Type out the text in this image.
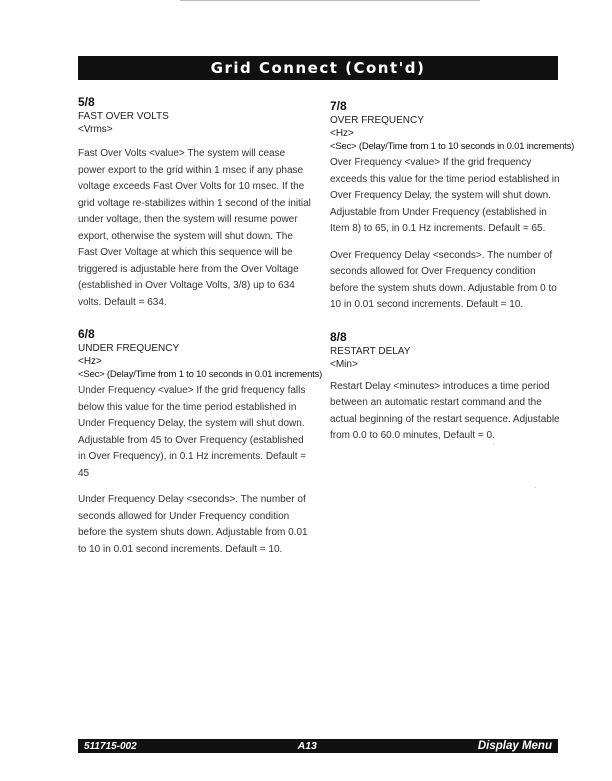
Grid Connect (Cont'd)
5/8
FAST OVER VOLTS
<Vrms>

Fast Over Volts <value> The system will cease power export to the grid within 1 msec if any phase voltage exceeds Fast Over Volts for 10 msec. If the grid voltage re-stabilizes within 1 second of the initial under voltage, then the system will resume power export, otherwise the system will shut down. The Fast Over Voltage at which this sequence will be triggered is adjustable here from the Over Voltage (established in Over Voltage Volts, 3/8) up to 634 volts. Default = 634.

6/8
UNDER FREQUENCY
<Hz>
<Sec> (Delay/Time from 1 to 10 seconds in 0.01 increments)

Under Frequency <value> If the grid frequency falls below this value for the time period established in Under Frequency Delay, the system will shut down. Adjustable from 45 to Over Frequency (established in Over Frequency), in 0.1 Hz increments. Default = 45

Under Frequency Delay <seconds>. The number of seconds allowed for Under Frequency condition before the system shuts down. Adjustable from 0.01 to 10 in 0.01 second increments. Default = 10.

7/8
OVER FREQUENCY
<Hz>
<Sec> (Delay/Time from 1 to 10 seconds in 0.01 increments)

Over Frequency <value> If the grid frequency exceeds this value for the time period established in Over Frequency Delay, the system will shut down. Adjustable from Under Frequency (established in Item 8) to 65, in 0.1 Hz increments. Default = 65.

Over Frequency Delay <seconds>. The number of seconds allowed for Over Frequency condition before the system shuts down. Adjustable from 0 to 10 in 0.01 second increments. Default = 10.

8/8
RESTART DELAY
<Min>

Restart Delay <minutes> introduces a time period between an automatic restart command and the actual beginning of the restart sequence. Adjustable from 0.0 to 60.0 minutes, Default = 0.

511715-002	A13	Display Menu
